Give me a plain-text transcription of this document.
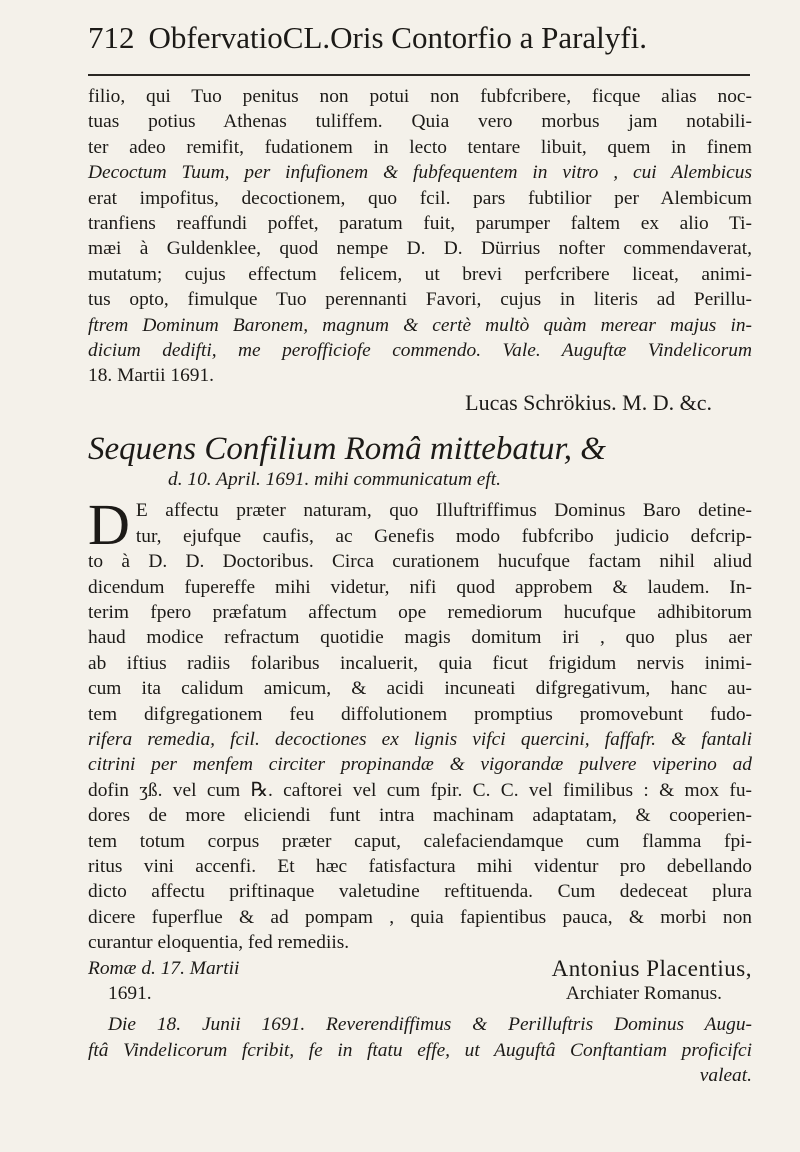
712 ObfervatioCL.Oris Contorfio a Paralyfi.
filio, qui Tuo penitus non potui non fubfcribere, ficque alias noc-
tuas potius Athenas tuliffem. Quia vero morbus jam notabili-
ter adeo remifit, fudationem in lecto tentare libuit, quem in finem
Decoctum Tuum, per infufionem & fubfequentem in vitro , cui Alembicus
erat impofitus, decoctionem, quo fcil. pars fubtilior per Alembicum
tranfiens reaffundi poffet, paratum fuit, parumper faltem ex alio Ti-
mæi à Guldenklee, quod nempe D. D. Dürrius nofter commendaverat,
mutatum; cujus effectum felicem, ut brevi perfcribere liceat, animi-
tus opto, fimulque Tuo perennanti Favori, cujus in literis ad Perillu-
ftrem Dominum Baronem, magnum & certè multò quàm merear majus in-
dicium dedifti, me perofficiofe commendo. Vale. Auguftæ Vindelicorum
18. Martii 1691.
Lucas Schrökius. M. D. &c.
Sequens Confilium Româ mittebatur, &
d. 10. April. 1691. mihi communicatum eft.
D E affectu præter naturam, quo Illuftriffimus Dominus Baro detine-
tur, ejufque caufis, ac Genefis modo fubfcribo judicio defcrip-
to à D. D. Doctoribus. Circa curationem hucufque factam nihil aliud
dicendum fupereffe mihi videtur, nifi quod approbem & laudem. In-
terim fpero præfatum affectum ope remediorum hucufque adhibitorum
haud modice refractum quotidie magis domitum iri , quo plus aer
ab iftius radiis folaribus incaluerit, quia ficut frigidum nervis inimi-
cum ita calidum amicum, & acidi incuneati difgregativum, hanc au-
tem difgregationem feu diffolutionem promptius promovebunt fudo-
rifera remedia, fcil. decoctiones ex lignis vifci quercini, faffafr. & fantali
citrini per menfem circiter propinandæ & vigorandæ pulvere viperino ad
dofin ʒß. vel cum ℞. caftorei vel cum fpir. C. C. vel fimilibus : & mox fu-
dores de more eliciendi funt intra machinam adaptatam, & cooperien-
tem totum corpus præter caput, calefaciendamque cum flamma fpi-
ritus vini accenfi. Et hæc fatisfactura mihi videntur pro debellando
dicto affectu priftinaque valetudine reftituenda. Cum dedeceat plura
dicere fuperflue & ad pompam , quia fapientibus pauca, & morbi non
curantur eloquentia, fed remediis.
Romæ d. 17. Martii	Antonius Placentius,
1691.	Archiater Romanus.
Die 18. Junii 1691. Reverendiffimus & Perilluftris Dominus Augu-
ftâ Vindelicorum fcribit, fe in ftatu effe, ut Auguftâ Conftantiam proficifci
valeat.
